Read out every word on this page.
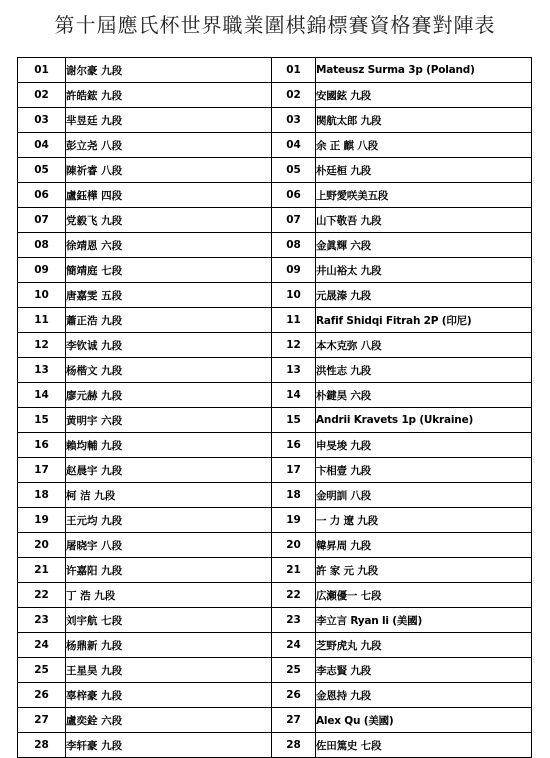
第十屆應氏杯世界職業圍棋錦標賽資格賽對陣表
01	谢尔豪 九段	01	Mateusz Surma 3p (Poland)
02	許皓鋐 九段	02	安國鉉 九段
03	芈昱廷 九段	03	関航太郎 九段
04	彭立尧 八段	04	余 正 麒 八段
05	陳祈睿 八段	05	朴廷桓 九段
06	盧鈺樺 四段	06	上野愛咲美五段
07	党毅飞 九段	07	山下敬吾 九段
08	徐靖恩 六段	08	金眞輝 六段
09	簡靖庭 七段	09	井山裕太 九段
10	唐嘉雯 五段	10	元晟溱 九段
11	蕭正浩 九段	11	Rafif Shidqi Fitrah 2P (印尼)
12	李钦诚 九段	12	本木克弥 八段
13	杨楷文 九段	13	洪性志 九段
14	廖元赫 九段	14	朴鍵昊 六段
15	黄明宇 六段	15	Andrii Kravets 1p (Ukraine)
16	賴均輔 九段	16	申旻埈 九段
17	赵晨宇 九段	17	卞相壹 九段
18	柯 洁 九段	18	金明訓 八段
19	王元均 九段	19	一 力 遼 九段
20	屠晓宇 八段	20	韓昇周 九段
21	许嘉阳 九段	21	許 家 元 九段
22	丁 浩 九段	22	広瀬優一 七段
23	刘宇航 七段	23	李立言 Ryan li (美國)
24	杨鼎新 九段	24	芝野虎丸 九段
25	王星昊 九段	25	李志賢 九段
26	辜梓豪 九段	26	金恩持 九段
27	盧奕銓 六段	27	Alex Qu (美國)
28	李轩豪 九段	28	佐田篤史 七段
